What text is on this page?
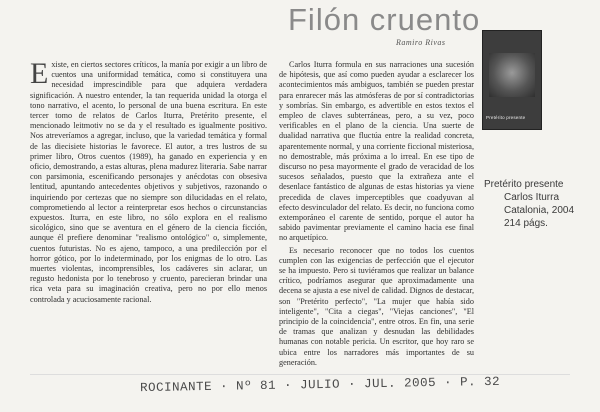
Filón cruento
Ramiro Rivas
Pretérito presente
Existe, en ciertos sectores críticos, la manía por exigir a un libro de cuentos una uniformidad temática, como si constituyera una necesidad imprescindible para que adquiera verdadera significación. A nuestro entender, la tan requerida unidad la otorga el tono narrativo, el acento, lo personal de una buena escritura. En este tercer tomo de relatos de Carlos Iturra, Pretérito presente, el mencionado leitmotiv no se da y el resultado es igualmente positivo. Nos atreveríamos a agregar, incluso, que la variedad temática y formal de las diecisiete historias le favorece. El autor, a tres lustros de su primer libro, Otros cuentos (1989), ha ganado en experiencia y en oficio, demostrando, a estas alturas, plena madurez literaria. Sabe narrar con parsimonia, escenificando personajes y anécdotas con obsesiva lentitud, apuntando antecedentes objetivos y subjetivos, razonando o inquiriendo por certezas que no siempre son dilucidadas en el relato, comprometiendo al lector a reinterpretar esos hechos o circunstancias expuestos. Iturra, en este libro, no sólo explora en el realismo sicológico, sino que se aventura en el género de la ciencia ficción, aunque él prefiere denominar "realismo ontológico" o, simplemente, cuentos futuristas. No es ajeno, tampoco, a una predilección por el horror gótico, por lo indeterminado, por los enigmas de lo otro. Las muertes violentas, incomprensibles, los cadáveres sin aclarar, un regusto hedonista por lo tenebroso y cruento, parecieran brindar una rica veta para su imaginación creativa, pero no por ello menos controlada y acuciosamente racional.

Carlos Iturra formula en sus narraciones una sucesión de hipótesis, que así como pueden ayudar a esclarecer los acontecimientos más ambiguos, también se pueden prestar para enrarecer más las atmósferas de por sí contradictorias y sombrías. Sin embargo, es advertible en estos textos el empleo de claves subterráneas, pero, a su vez, poco verificables en el plano de la ciencia. Una suerte de dualidad narrativa que fluctúa entre la realidad concreta, aparentemente normal, y una corriente ficcional misteriosa, no demostrable, más próxima a lo irreal. En ese tipo de discurso no pesa mayormente el grado de veracidad de los sucesos señalados, puesto que la extrañeza ante el desenlace fantástico de algunas de estas historias ya viene precedida de claves imperceptibles que coadyuvan al efecto desvinculador del relato. Es decir, no funciona como extemporáneo el carente de sentido, porque el autor ha sabido pavimentar previamente el camino hacia ese final no arquetípico.

Es necesario reconocer que no todos los cuentos cumplen con las exigencias de perfección que el ejecutor se ha impuesto. Pero si tuviéramos que realizar un balance crítico, podríamos asegurar que aproximadamente una decena se ajusta a ese nivel de calidad. Dignos de destacar, son "Pretérito perfecto", "La mujer que había sido inteligente", "Cita a ciegas", "Viejas canciones", "El principio de la coincidencia", entre otros. En fin, una serie de tramas que analizan y desnudan las debilidades humanas con notable pericia. Un escritor, que hoy raro se ubica entre los narradores más importantes de su generación.

Pretérito presente
Carlos Iturra
Catalonia, 2004
214 págs.
ROCINANTE · Nº 81 · JULIO · JUL. 2005 · P. 32
